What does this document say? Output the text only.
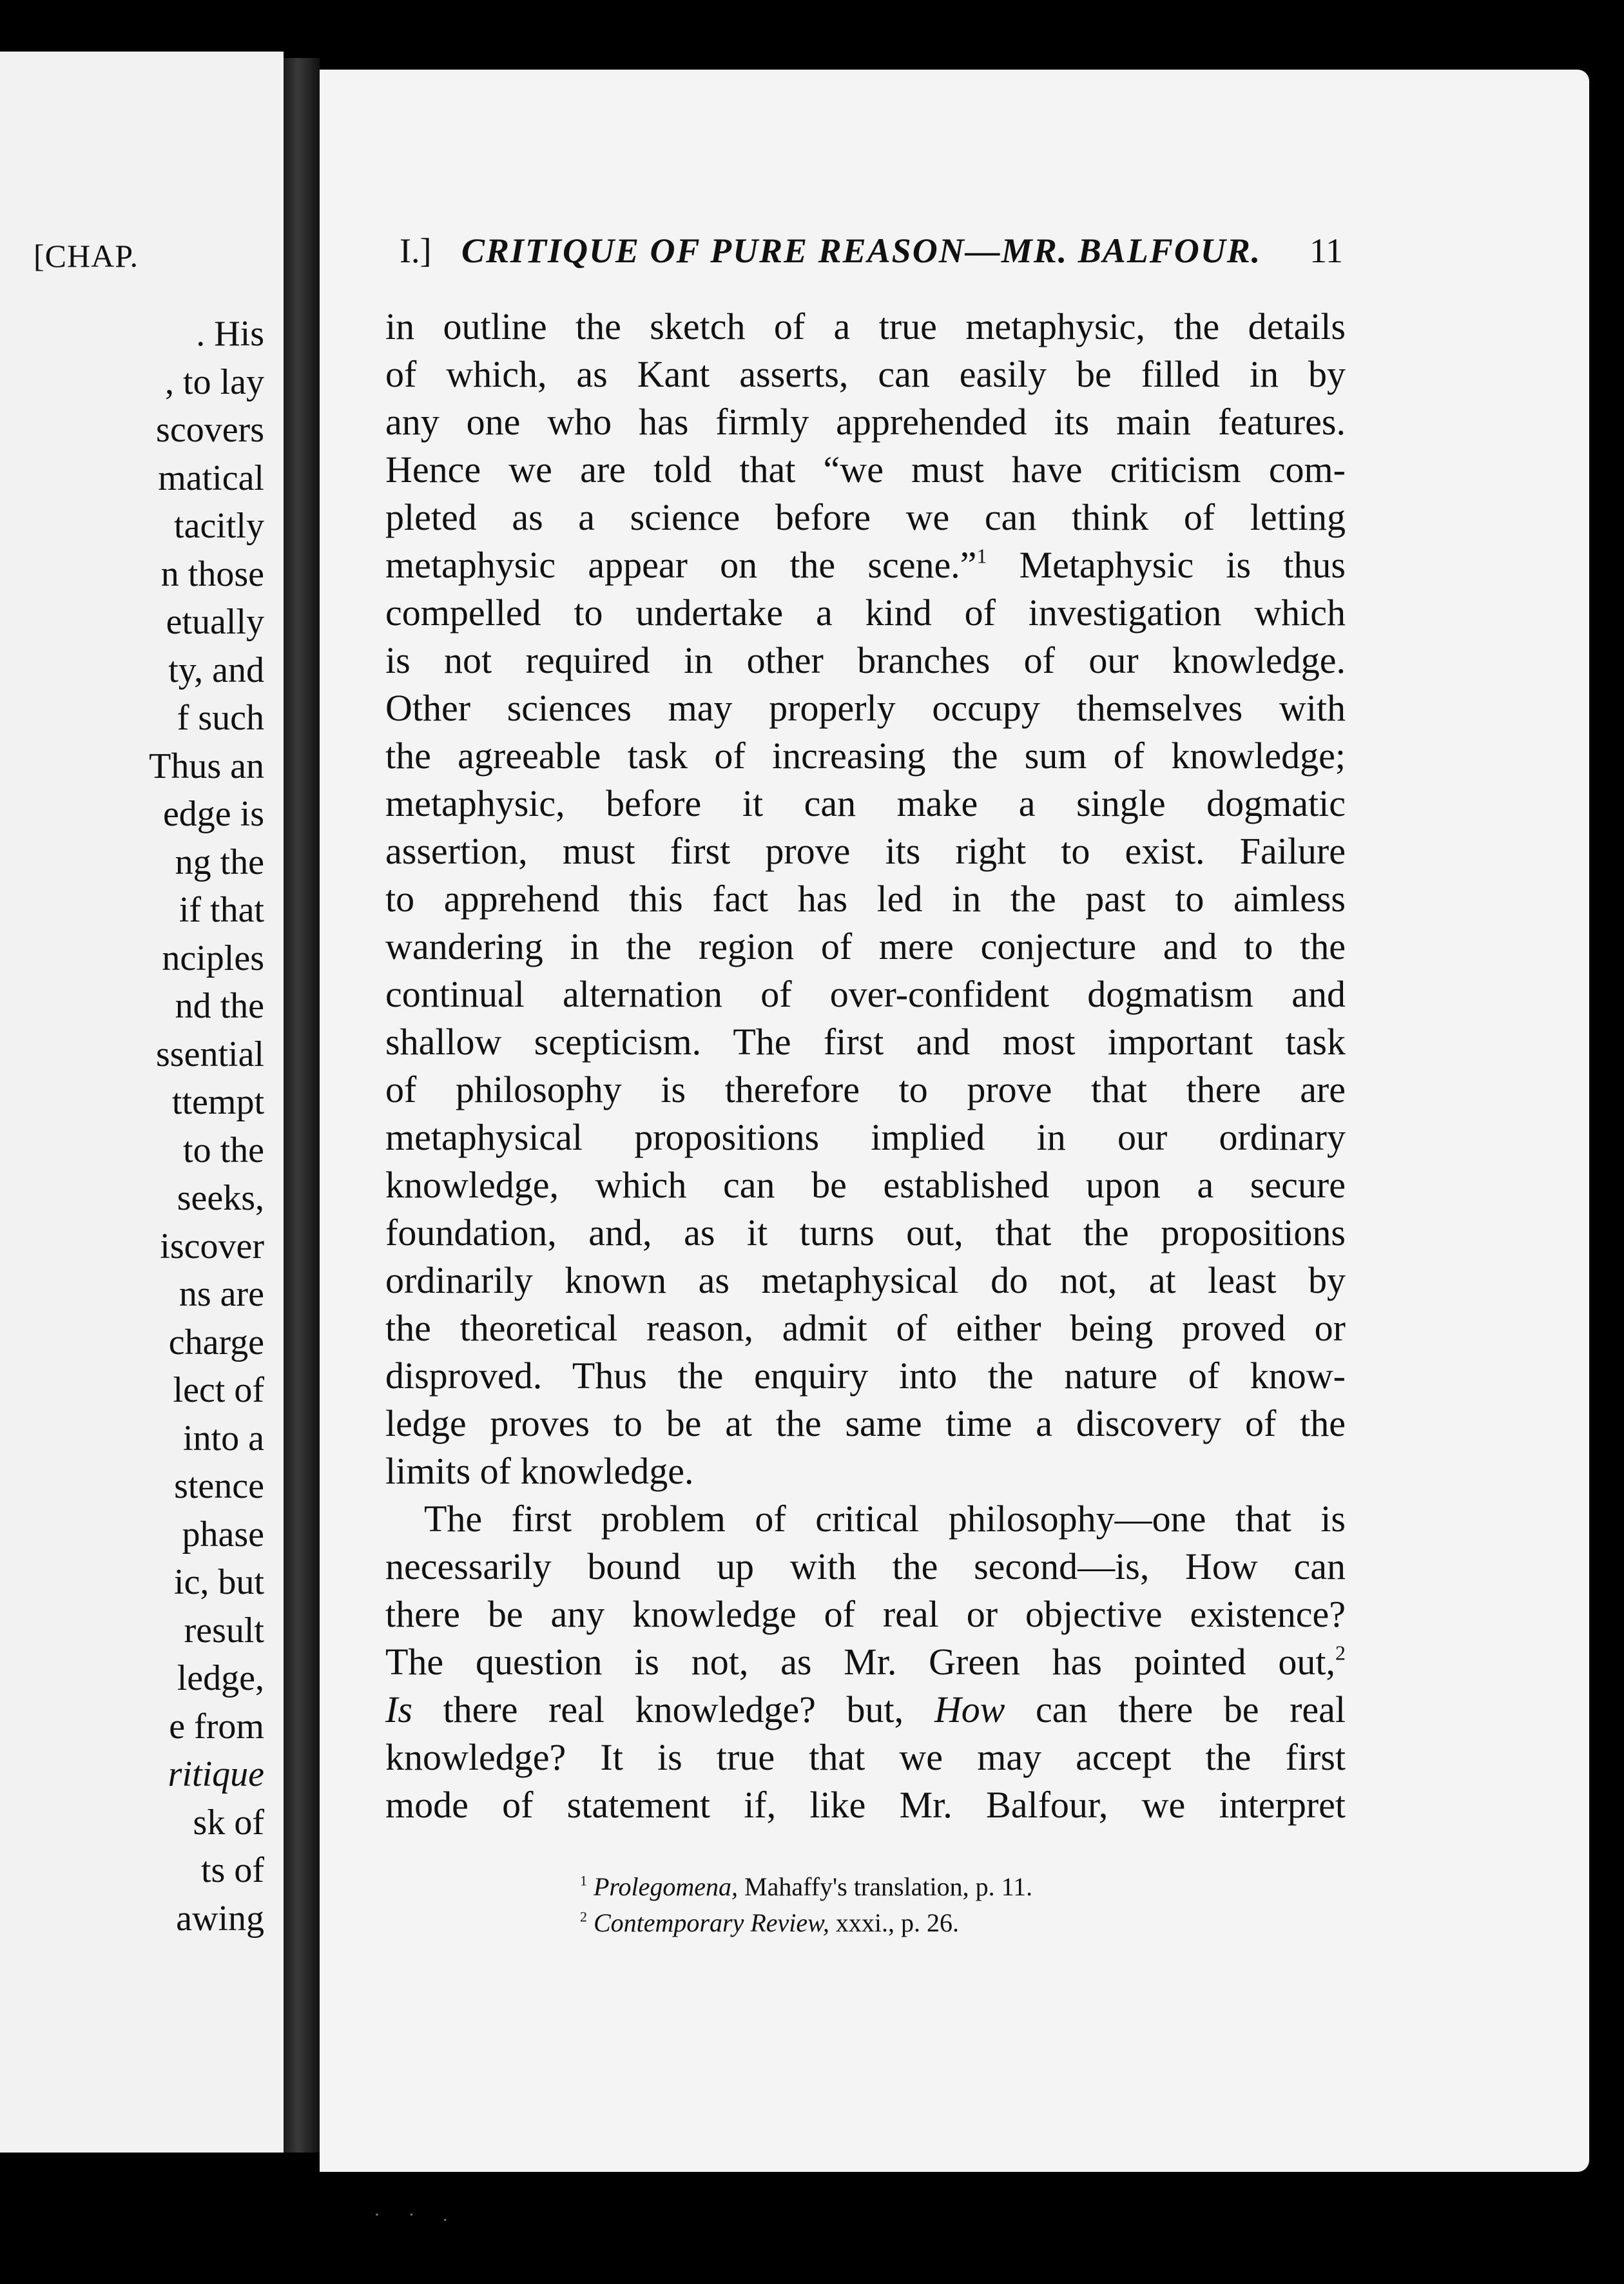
[CHAP.
. His
, to lay
scovers
matical
tacitly
n those
etually
ty, and
f such
Thus an
edge is
ng the
if that
nciples
nd the
ssential
ttempt
to the
seeks,
iscover
ns are
charge
lect of
into a
stence
phase
ic, but
result
ledge,
e from
ritique
sk of
ts of
awing
I.] CRITIQUE OF PURE REASON—MR. BALFOUR. 11
in outline the sketch of a true metaphysic, the details
of which, as Kant asserts, can easily be filled in by
any one who has firmly apprehended its main features.
Hence we are told that “we must have criticism com-
pleted as a science before we can think of letting
metaphysic appear on the scene.”$^1$ Metaphysic is thus
compelled to undertake a kind of investigation which
is not required in other branches of our knowledge.
Other sciences may properly occupy themselves with
the agreeable task of increasing the sum of knowledge;
metaphysic, before it can make a single dogmatic
assertion, must first prove its right to exist. Failure
to apprehend this fact has led in the past to aimless
wandering in the region of mere conjecture and to the
continual alternation of over-confident dogmatism and
shallow scepticism. The first and most important task
of philosophy is therefore to prove that there are
metaphysical propositions implied in our ordinary
knowledge, which can be established upon a secure
foundation, and, as it turns out, that the propositions
ordinarily known as metaphysical do not, at least by
the theoretical reason, admit of either being proved or
disproved. Thus the enquiry into the nature of know-
ledge proves to be at the same time a discovery of the
limits of knowledge.
The first problem of critical philosophy—one that is
necessarily bound up with the second—is, How can
there be any knowledge of real or objective existence?
The question is not, as Mr. Green has pointed out,$^2$
Is there real knowledge? but, How can there be real
knowledge? It is true that we may accept the first
mode of statement if, like Mr. Balfour, we interpret
$^1$ Prolegomena, Mahaffy's translation, p. 11.
$^2$ Contemporary Review, xxxi., p. 26.
· · .
